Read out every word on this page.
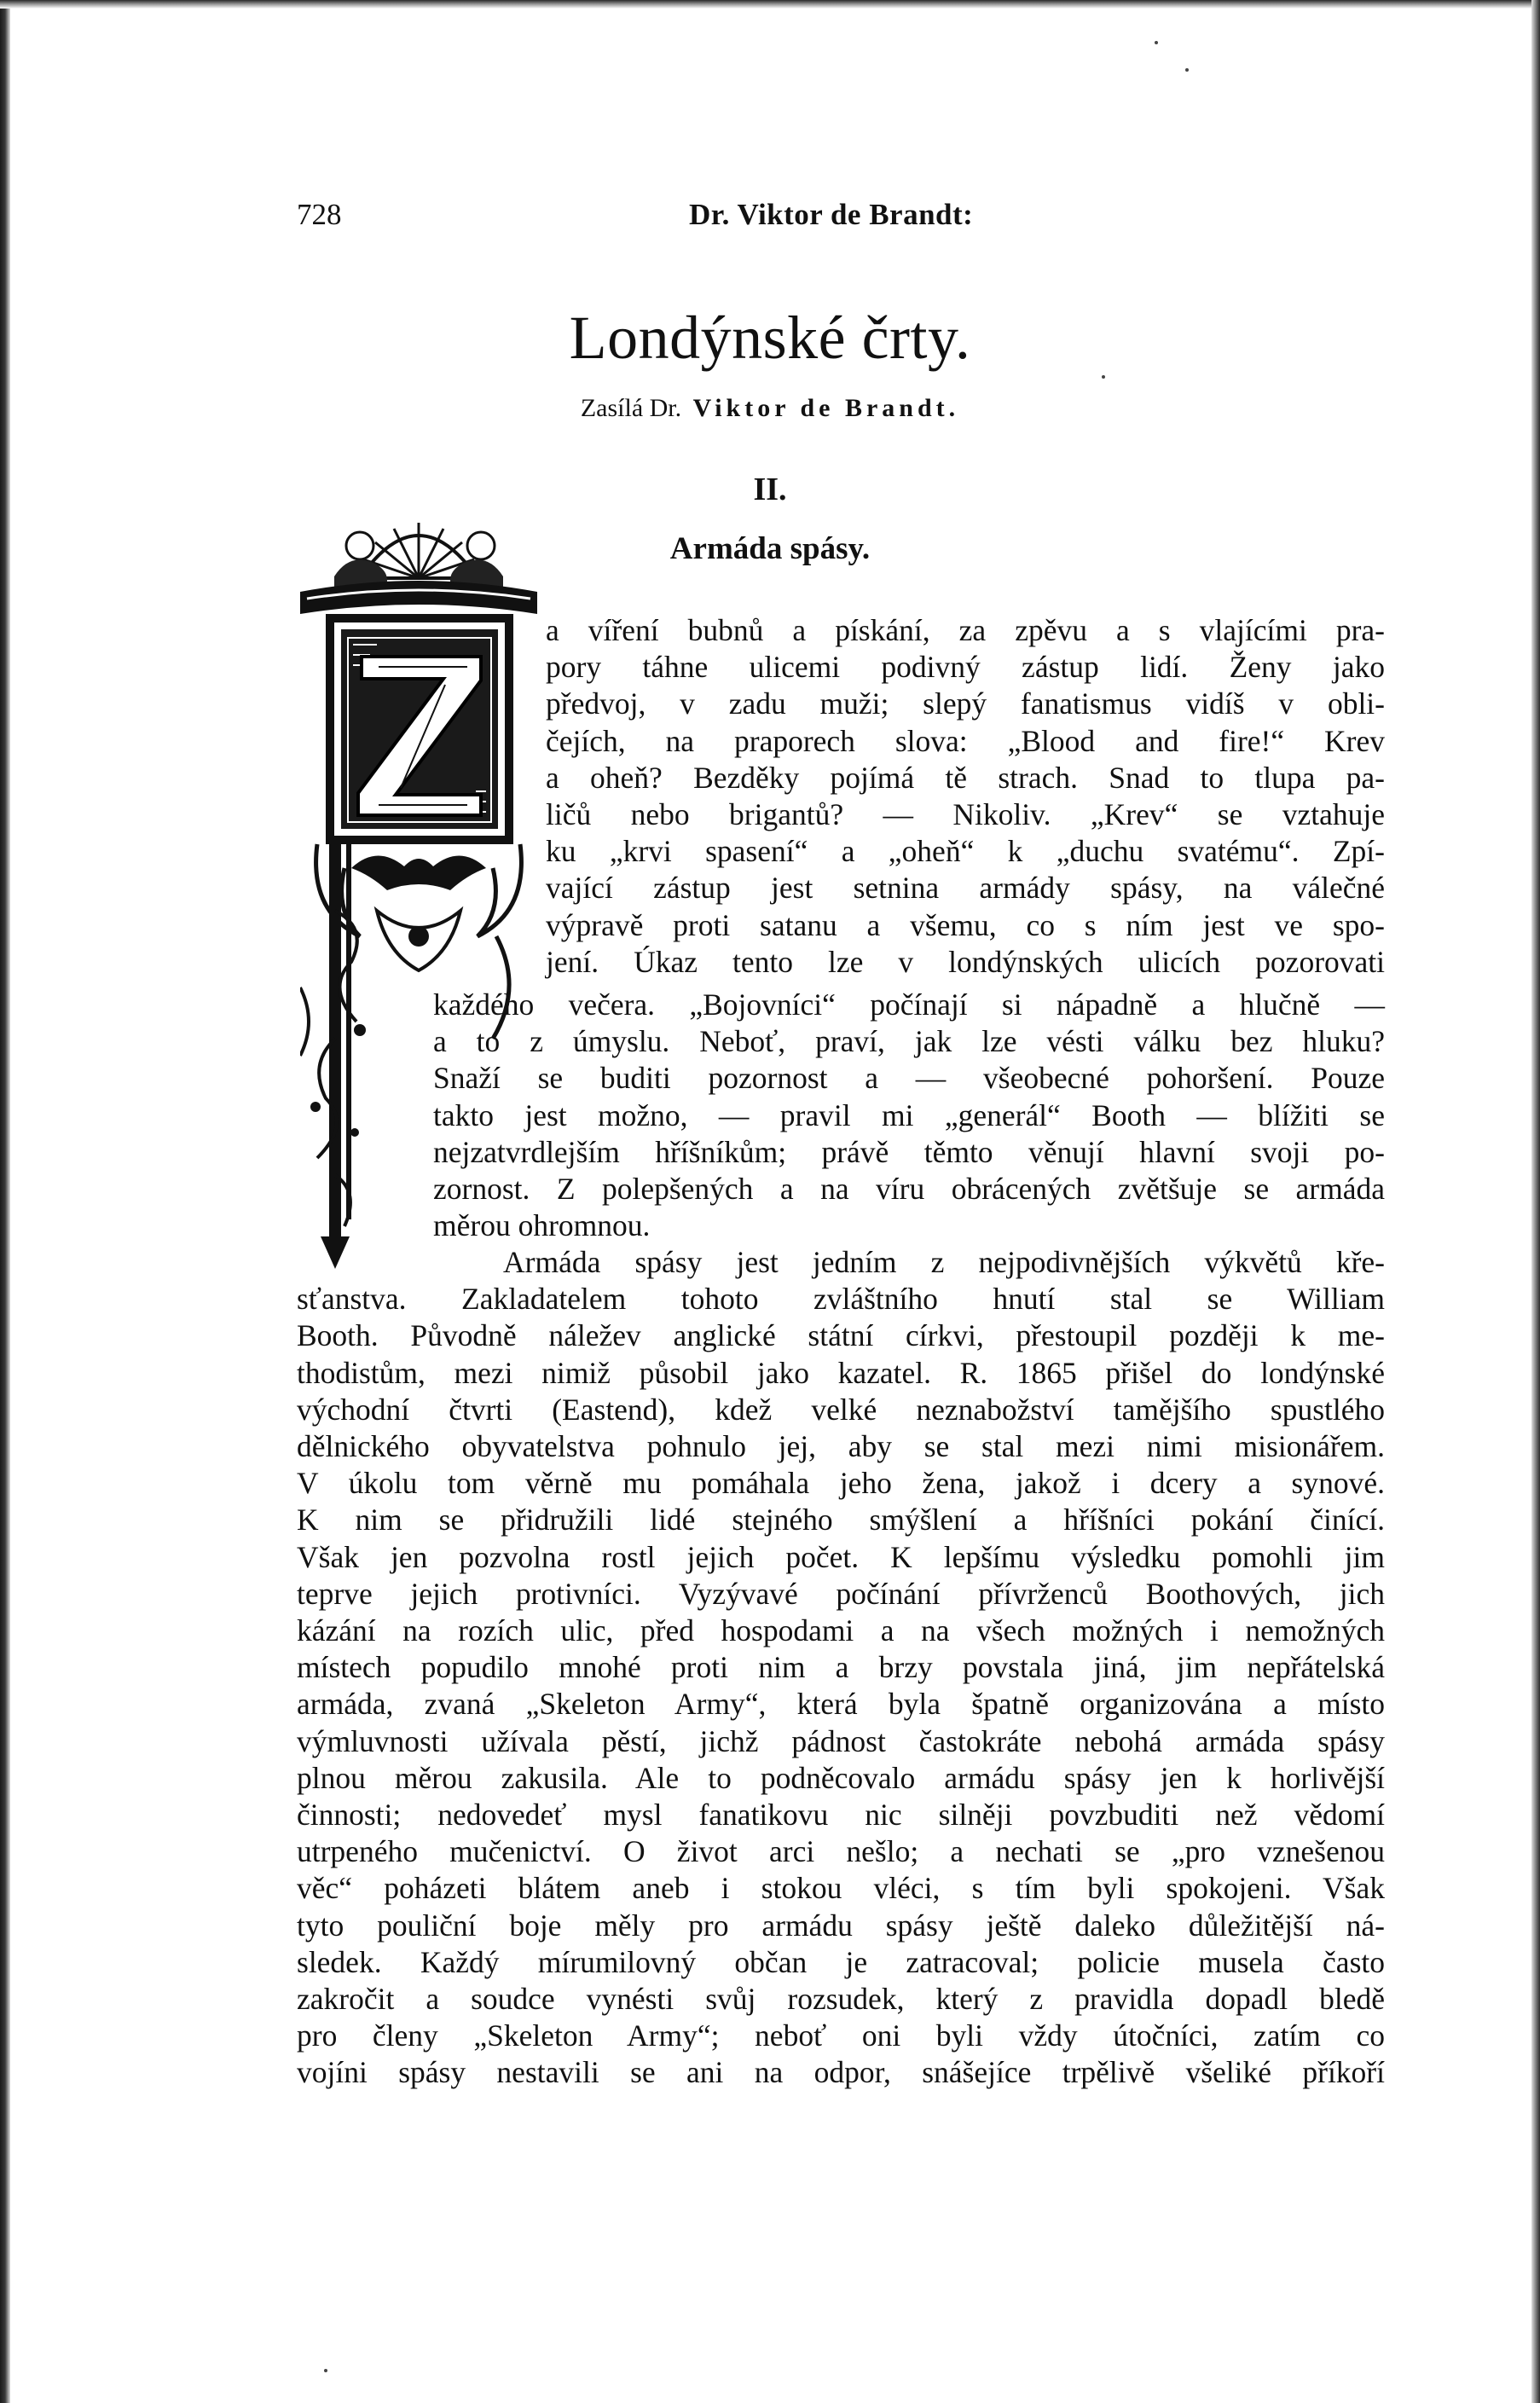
728	Dr. Viktor de Brandt:
Londýnské črty.
Zasílá Dr. Viktor de Brandt.
II.
Armáda spásy.
a víření bubnů a pískání, za zpěvu a s vlajícími pra-
pory táhne ulicemi podivný zástup lidí. Ženy jako
předvoj, v zadu muži; slepý fanatismus vidíš v obli-
čejích, na praporech slova: „Blood and fire!“ Krev
a oheň? Bezděky pojímá tě strach. Snad to tlupa pa-
ličů nebo brigantů? — Nikoliv. „Krev“ se vztahuje
ku „krvi spasení“ a „oheň“ k „duchu svatému“. Zpí-
vající zástup jest setnina armády spásy, na válečné
výpravě proti satanu a všemu, co s ním jest ve spo-
jení. Úkaz tento lze v londýnských ulicích pozorovati
každého večera. „Bojovníci“ počínají si nápadně a hlučně —
a to z úmyslu. Neboť, praví, jak lze vésti válku bez hluku?
Snaží se buditi pozornost a — všeobecné pohoršení. Pouze
takto jest možno, — pravil mi „generál“ Booth — blížiti se
nejzatvrdlejším hříšníkům; právě těmto věnují hlavní svoji po-
zornost. Z polepšených a na víru obrácených zvětšuje se armáda
měrou ohromnou.
Armáda spásy jest jedním z nejpodivnějších výkvětů kře-
sťanstva. Zakladatelem tohoto zvláštního hnutí stal se William
Booth. Původně náležev anglické státní církvi, přestoupil později k me-
thodistům, mezi nimiž působil jako kazatel. R. 1865 přišel do londýnské
východní čtvrti (Eastend), kdež velké neznabožství tamějšího spustlého
dělnického obyvatelstva pohnulo jej, aby se stal mezi nimi misionářem.
V úkolu tom věrně mu pomáhala jeho žena, jakož i dcery a synové.
K nim se přidružili lidé stejného smýšlení a hříšníci pokání činící.
Však jen pozvolna rostl jejich počet. K lepšímu výsledku pomohli jim
teprve jejich protivníci. Vyzývavé počínání přívrženců Boothových, jich
kázání na rozích ulic, před hospodami a na všech možných i nemožných
místech popudilo mnohé proti nim a brzy povstala jiná, jim nepřátelská
armáda, zvaná „Skeleton Army“, která byla špatně organizována a místo
výmluvnosti užívala pěstí, jichž pádnost častokráte nebohá armáda spásy
plnou měrou zakusila. Ale to podněcovalo armádu spásy jen k horlivější
činnosti; nedovedeť mysl fanatikovu nic silněji povzbuditi než vědomí
utrpeného mučenictví. O život arci nešlo; a nechati se „pro vznešenou
věc“ poházeti blátem aneb i stokou vléci, s tím byli spokojeni. Však
tyto pouliční boje měly pro armádu spásy ještě daleko důležitější ná-
sledek. Každý mírumilovný občan je zatracoval; policie musela často
zakročit a soudce vynésti svůj rozsudek, který z pravidla dopadl bledě
pro členy „Skeleton Army“; neboť oni byli vždy útočníci, zatím co
vojíni spásy nestavili se ani na odpor, snášejíce trpělivě všeliké příkoří
